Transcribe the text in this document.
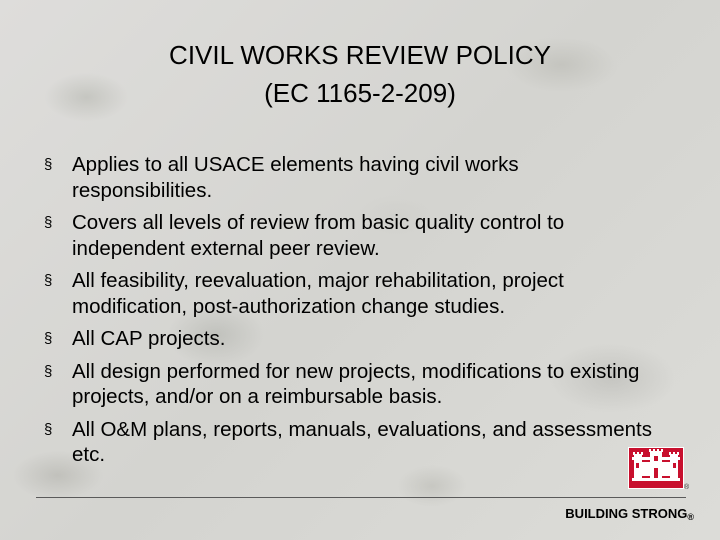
CIVIL WORKS REVIEW POLICY
(EC 1165-2-209)
§ Applies to all USACE elements having civil works responsibilities.
§ Covers all levels of review from basic quality control to independent external peer review.
§ All feasibility, reevaluation, major rehabilitation, project modification, post-authorization change studies.
§ All CAP projects.
§ All design performed for new projects, modifications to existing projects, and/or on a reimbursable basis.
§ All O&M plans, reports, manuals, evaluations, and assessments etc.
®
BUILDING STRONG®
